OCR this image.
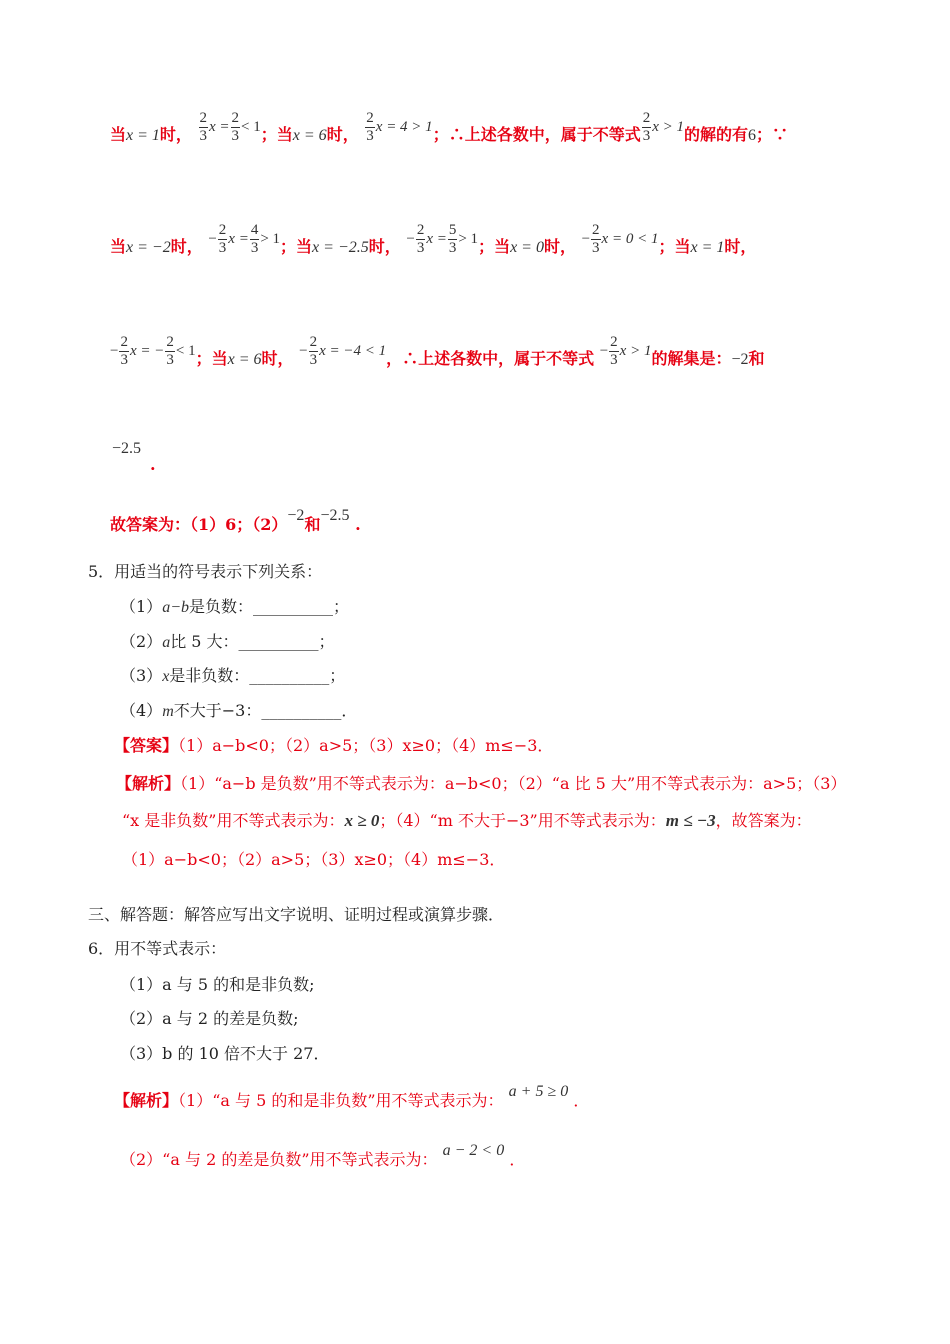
当x = 1时， $\frac{2}{3}$ $x = \frac{2}{3} < 1$；当x = 6时， $\frac{2}{3}$ x = 4 > 1；∴上述各数中，属于不等式 $\frac{2}{3}$ x > 1的解的有6；∵
当x = −2时， − $\frac{2}{3}$ $x = \frac{4}{3} > 1$；当x = −2.5时， − $\frac{2}{3}$ $x = \frac{5}{3} > 1$；当x = 0时， − $\frac{2}{3}$ x = 0 < 1；当x = 1时，
− $\frac{2}{3}$ x = − $\frac{2}{3} < 1$；当x = 6时， − $\frac{2}{3}$ x = −4 < 1，∴上述各数中，属于不等式 − $\frac{2}{3}$ x > 1的解集是：−2和
−2.5
.
故答案为：（1）6；（2）−2和−2.5 .
5．用适当的符号表示下列关系：
（1）a−b是负数：__________；
（2）a比 5 大：__________；
（3）x是非负数：__________；
（4）m不大于−3：__________．
【答案】（1）a−b<0；（2）a>5；（3）x≥0；（4）m≤−3．
【解析】（1）“a−b 是负数”用不等式表示为：a−b<0；（2）“a 比 5 大”用不等式表示为：a>5；（3）
“x 是非负数”用不等式表示为：x ≥ 0；（4）“m 不大于−3”用不等式表示为：m ≤ −3，故答案为：
（1）a−b<0；（2）a>5；（3）x≥0；（4）m≤−3．
三、解答题：解答应写出文字说明、证明过程或演算步骤．
6．用不等式表示：
（1）a 与 5 的和是非负数;
（2）a 与 2 的差是负数;
（3）b 的 10 倍不大于 27．
【解析】（1）“a 与 5 的和是非负数”用不等式表示为： a + 5 ≥ 0 ．
（2）“a 与 2 的差是负数”用不等式表示为： a − 2 < 0 ．
